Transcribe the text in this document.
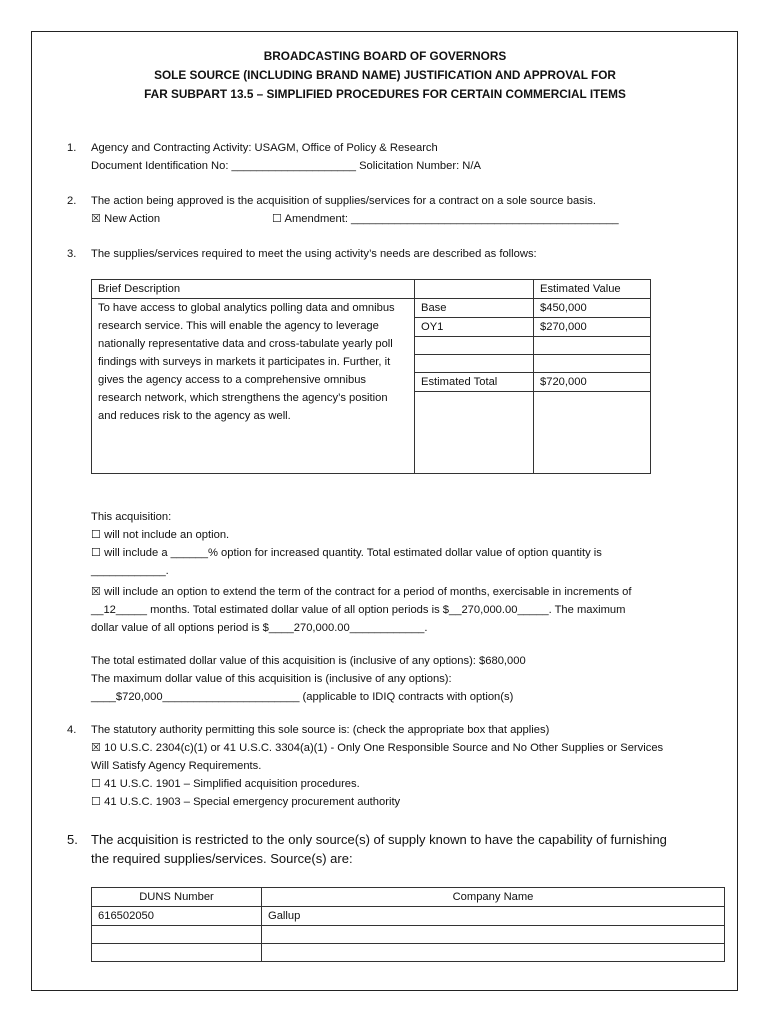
BROADCASTING BOARD OF GOVERNORS
SOLE SOURCE (INCLUDING BRAND NAME) JUSTIFICATION AND APPROVAL FOR
FAR SUBPART 13.5 – SIMPLIFIED PROCEDURES FOR CERTAIN COMMERCIAL ITEMS
1. Agency and Contracting Activity: USAGM, Office of Policy & Research
Document Identification No: ____________________ Solicitation Number: N/A
2. The action being approved is the acquisition of supplies/services for a contract on a sole source basis.
☒ New Action	☐ Amendment: ___________________________________________
3. The supplies/services required to meet the using activity’s needs are described as follows:
Brief Description		Estimated Value
To have access to global analytics polling data and omnibus research service. This will enable the agency to leverage nationally representative data and cross-tabulate yearly poll findings with surveys in markets it participates in. Further, it gives the agency access to a comprehensive omnibus research network, which strengthens the agency’s position and reduces risk to the agency as well.	Base	$450,000
	OY1	$270,000

	Estimated Total	$720,000

This acquisition:
☐ will not include an option.
☐ will include a ______% option for increased quantity. Total estimated dollar value of option quantity is
____________.
☒ will include an option to extend the term of the contract for a period of months, exercisable in increments of
__12_____ months. Total estimated dollar value of all option periods is $__270,000.00_____. The maximum
dollar value of all options period is $____270,000.00____________.
The total estimated dollar value of this acquisition is (inclusive of any options): $680,000
The maximum dollar value of this acquisition is (inclusive of any options):
____$720,000______________________ (applicable to IDIQ contracts with option(s)
4. The statutory authority permitting this sole source is: (check the appropriate box that applies)
☒ 10 U.S.C. 2304(c)(1) or 41 U.S.C. 3304(a)(1) - Only One Responsible Source and No Other Supplies or Services
Will Satisfy Agency Requirements.
☐ 41 U.S.C. 1901 – Simplified acquisition procedures.
☐ 41 U.S.C. 1903 – Special emergency procurement authority
5. The acquisition is restricted to the only source(s) of supply known to have the capability of furnishing
the required supplies/services. Source(s) are:
DUNS Number	Company Name
616502050	Gallup
